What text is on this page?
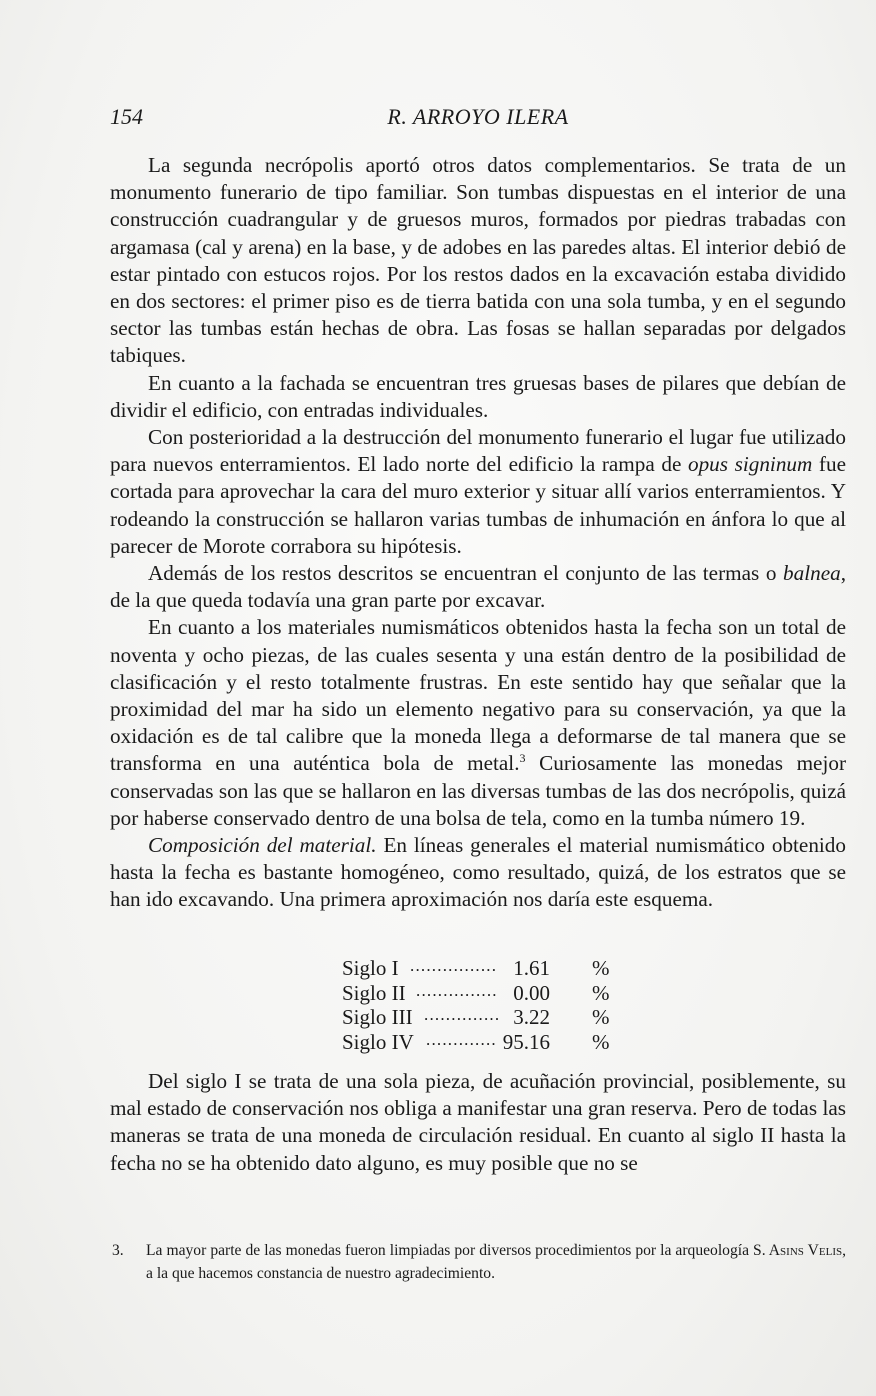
154	R. ARROYO ILERA

La segunda necrópolis aportó otros datos complementarios. Se trata de un monumento funerario de tipo familiar. Son tumbas dispuestas en el interior de una construcción cuadrangular y de gruesos muros, formados por piedras trabadas con argamasa (cal y arena) en la base, y de adobes en las paredes altas. El interior debió de estar pintado con estucos rojos. Por los restos dados en la excavación estaba dividido en dos sectores: el primer piso es de tierra batida con una sola tumba, y en el segundo sector las tumbas están hechas de obra. Las fosas se hallan separadas por delgados tabiques.

En cuanto a la fachada se encuentran tres gruesas bases de pilares que debían de dividir el edificio, con entradas individuales.

Con posterioridad a la destrucción del monumento funerario el lugar fue utilizado para nuevos enterramientos. El lado norte del edificio la rampa de opus signinum fue cortada para aprovechar la cara del muro exterior y situar allí varios enterramientos. Y rodeando la construcción se hallaron varias tumbas de inhumación en ánfora lo que al parecer de Morote corrabora su hipótesis.

Además de los restos descritos se encuentran el conjunto de las termas o balnea, de la que queda todavía una gran parte por excavar.

En cuanto a los materiales numismáticos obtenidos hasta la fecha son un total de noventa y ocho piezas, de las cuales sesenta y una están dentro de la posibilidad de clasificación y el resto totalmente frustras. En este sentido hay que señalar que la proximidad del mar ha sido un elemento negativo para su conservación, ya que la oxidación es de tal calibre que la moneda llega a deformarse de tal manera que se transforma en una auténtica bola de metal.$^3$ Curiosamente las monedas mejor conservadas son las que se hallaron en las diversas tumbas de las dos necrópolis, quizá por haberse conservado dentro de una bolsa de tela, como en la tumba número 19.

Composición del material. En líneas generales el material numismático obtenido hasta la fecha es bastante homogéneo, como resultado, quizá, de los estratos que se han ido excavando. Una primera aproximación nos daría este esquema.

Siglo I ................ 1.61 %
Siglo II ............... 0.00 %
Siglo III .............. 3.22 %
Siglo IV ............. 95.16 %

Del siglo I se trata de una sola pieza, de acuñación provincial, posiblemente, su mal estado de conservación nos obliga a manifestar una gran reserva. Pero de todas las maneras se trata de una moneda de circulación residual. En cuanto al siglo II hasta la fecha no se ha obtenido dato alguno, es muy posible que no se

3. La mayor parte de las monedas fueron limpiadas por diversos procedimientos por la arqueología S. Asins Velis, a la que hacemos constancia de nuestro agradecimiento.
